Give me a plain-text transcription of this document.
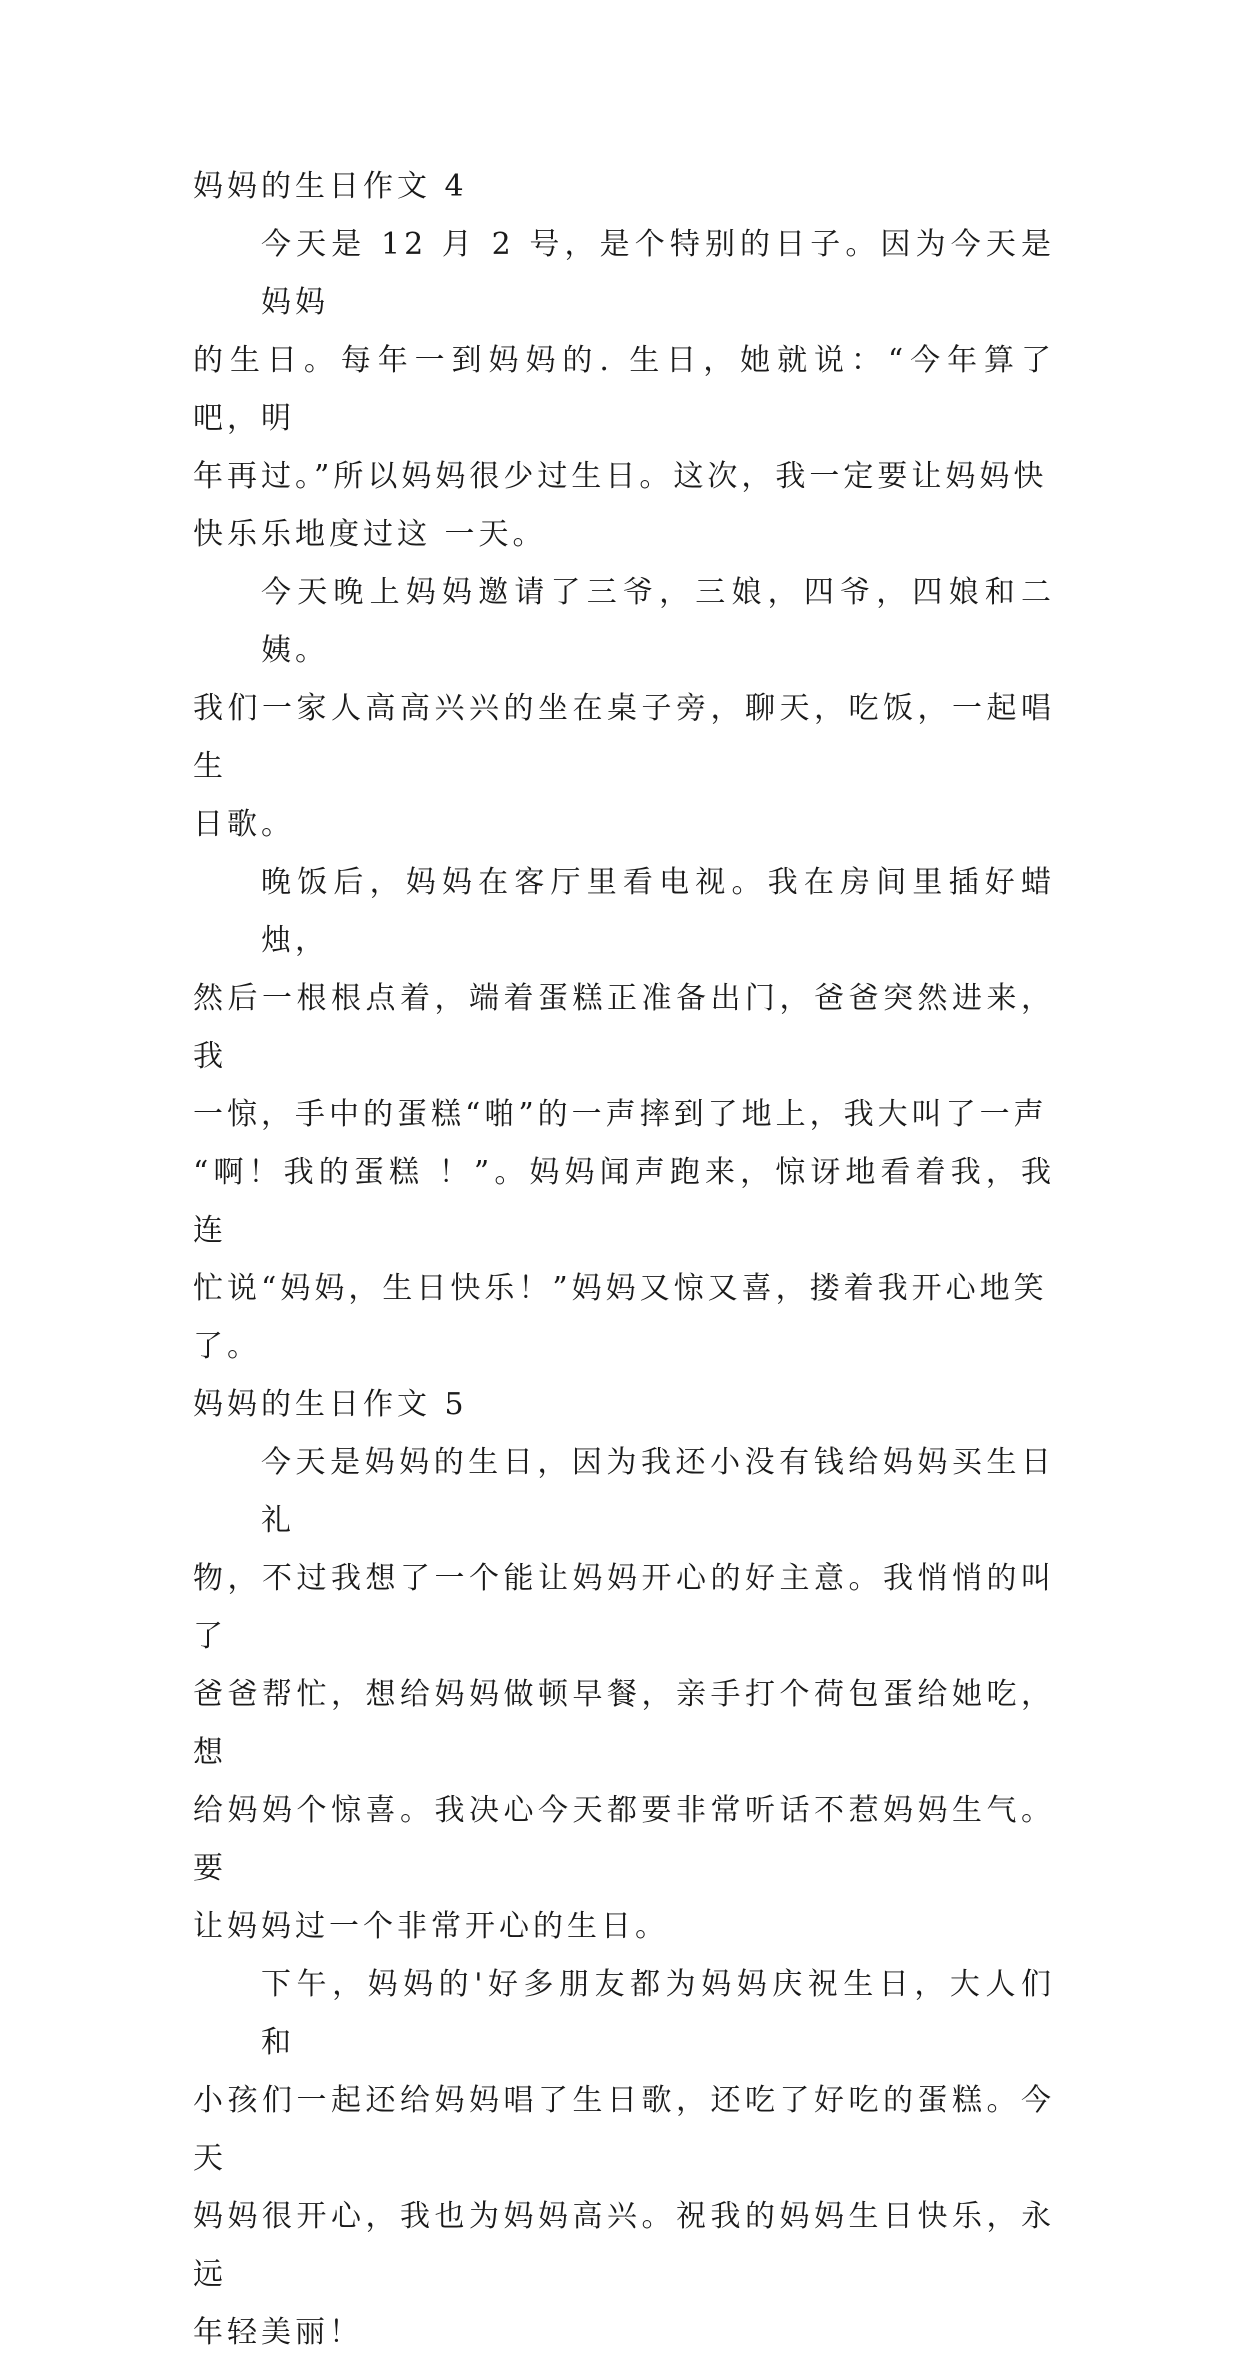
妈妈的生日作文 4
今天是 12 月 2 号，是个特别的日子。因为今天是妈妈
的生日。每年一到妈妈的. 生日，她就说：“今年算了吧，明
年再过。”所以妈妈很少过生日。这次，我一定要让妈妈快
快乐乐地度过这 一天。
今天晚上妈妈邀请了三爷，三娘，四爷，四娘和二姨。
我们一家人高高兴兴的坐在桌子旁，聊天，吃饭，一起唱生
日歌。
晚饭后，妈妈在客厅里看电视。我在房间里插好蜡烛，
然后一根根点着，端着蛋糕正准备出门，爸爸突然进来，我
一惊，手中的蛋糕“啪”的一声摔到了地上，我大叫了一声
“啊！我的蛋糕 ！”。妈妈闻声跑来，惊讶地看着我，我连
忙说“妈妈，生日快乐！”妈妈又惊又喜，搂着我开心地笑
了。
妈妈的生日作文 5
今天是妈妈的生日，因为我还小没有钱给妈妈买生日礼
物，不过我想了一个能让妈妈开心的好主意。我悄悄的叫了
爸爸帮忙，想给妈妈做顿早餐，亲手打个荷包蛋给她吃，想
给妈妈个惊喜。我决心今天都要非常听话不惹妈妈生气。要
让妈妈过一个非常开心的生日。
下午，妈妈的'好多朋友都为妈妈庆祝生日，大人们和
小孩们一起还给妈妈唱了生日歌，还吃了好吃的蛋糕。今天
妈妈很开心，我也为妈妈高兴。祝我的妈妈生日快乐，永远
年轻美丽！
